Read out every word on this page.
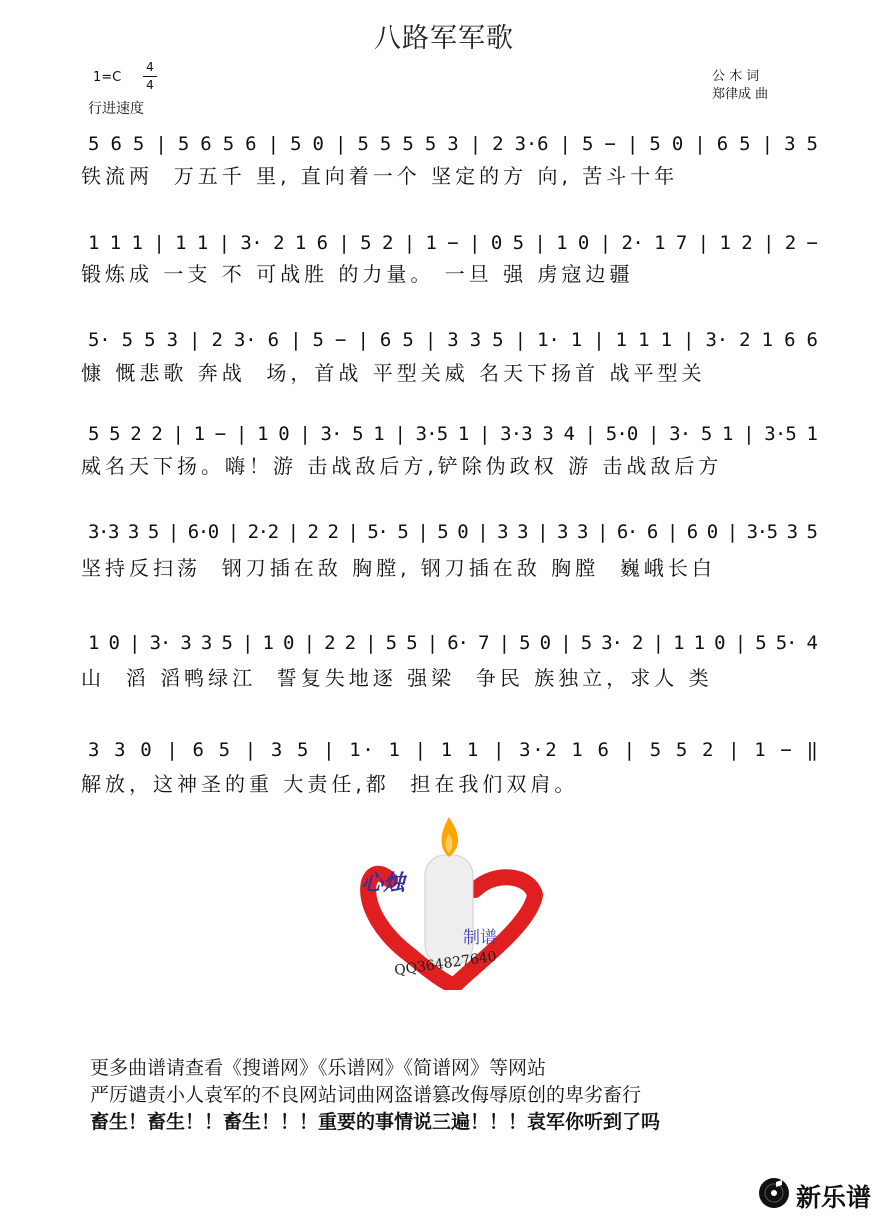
八路军军歌
1=C
4
4
行进速度
公 木 词
郑律成 曲
5 6 5 | 5 6 5 6 | 5 0 | 5 5 5 5 3 | 2 3·6 | 5 − | 5 0 | 6 5 | 3 5
铁流两  万五千 里, 直向着一个 坚定的方 向, 苦斗十年
1 1 1 | 1 1 | 3· 2 1 6 | 5 2 | 1 − | 0 5 | 1 0 | 2· 1 7 | 1 2 | 2 −
锻炼成 一支 不 可战胜 的力量。 一旦 强 虏寇边疆
5· 5 5 3 | 2 3· 6 | 5 − | 6 5 | 3 3 5 | 1· 1 | 1 1 1 | 3· 2 1 6 6
慷 慨悲歌 奔战  场，首战 平型关威 名天下扬首 战平型关
5 5 2 2 | 1 − | 1 0 | 3· 5 1 | 3·5 1 | 3·3 3 4 | 5·0 | 3· 5 1 | 3·5 1
威名天下扬。嗨！游 击战敌后方,铲除伪政权 游 击战敌后方
3·3 3 5 | 6·0 | 2·2 | 2 2 | 5· 5 | 5 0 | 3 3 | 3 3 | 6· 6 | 6 0 | 3·5 3 5
坚持反扫荡  钢刀插在敌 胸膛, 钢刀插在敌 胸膛  巍峨长白
1 0 | 3· 3 3 5 | 1 0 | 2 2 | 5 5 | 6· 7 | 5 0 | 5 3· 2 | 1 1 0 | 5 5· 4
山  滔 滔鸭绿江  誓复失地逐 强梁  争民 族独立，求人 类
3 3 0 | 6 5 | 3 5 | 1· 1 | 1 1 | 3·2 1 6 | 5 5 2 | 1 − ‖
解放，这神圣的重 大责任,都  担在我们双肩。
心烛
制谱
QQ364827640
更多曲谱请查看《搜谱网》《乐谱网》《简谱网》等网站
严厉谴责小人袁军的不良网站词曲网盗谱篡改侮辱原创的卑劣畜行
畜生！畜生！！畜生！！！重要的事情说三遍！！！袁军你听到了吗
新乐谱
